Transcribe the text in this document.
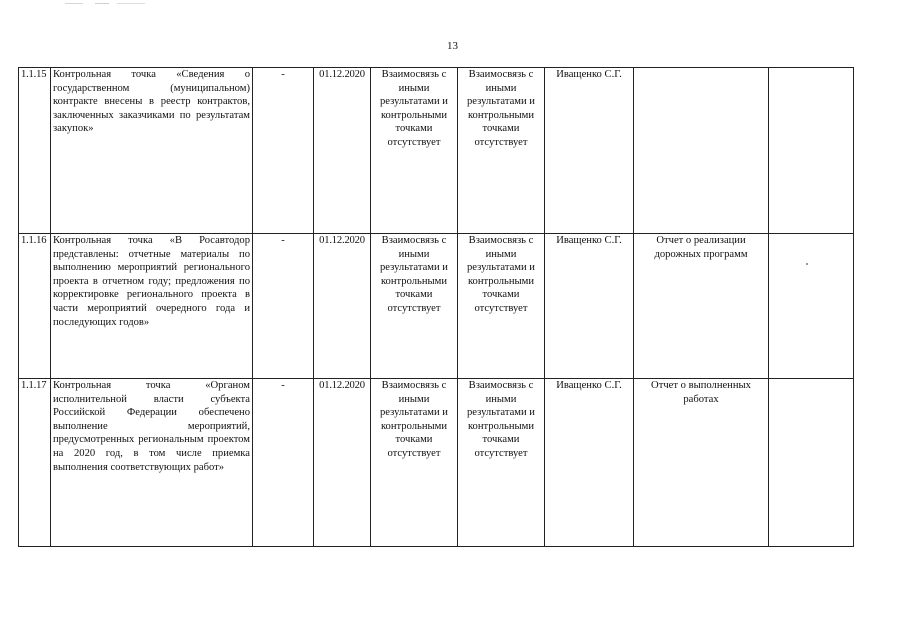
13
1.1.15	Контрольная точка «Сведения о государственном (муниципальном) контракте внесены в реестр контрактов, заключенных заказчиками по результатам закупок»	-	01.12.2020	Взаимосвязь с иными результатами и контрольными точками отсутствует	Взаимосвязь с иными результатами и контрольными точками отсутствует	Иващенко С.Г.		
1.1.16	Контрольная точка «В Росавтодор представлены: отчетные материалы по выполнению мероприятий регионального проекта в отчетном году; предложения по корректировке регионального проекта в части мероприятий очередного года и последующих годов»	-	01.12.2020	Взаимосвязь с иными результатами и контрольными точками отсутствует	Взаимосвязь с иными результатами и контрольными точками отсутствует	Иващенко С.Г.	Отчет о реализации дорожных программ	
1.1.17	Контрольная точка «Органом исполнительной власти субъекта Российской Федерации обеспечено выполнение мероприятий, предусмотренных региональным проектом на 2020 год, в том числе приемка выполнения соответствующих работ»	-	01.12.2020	Взаимосвязь с иными результатами и контрольными точками отсутствует	Взаимосвязь с иными результатами и контрольными точками отсутствует	Иващенко С.Г.	Отчет о выполненных работах	
